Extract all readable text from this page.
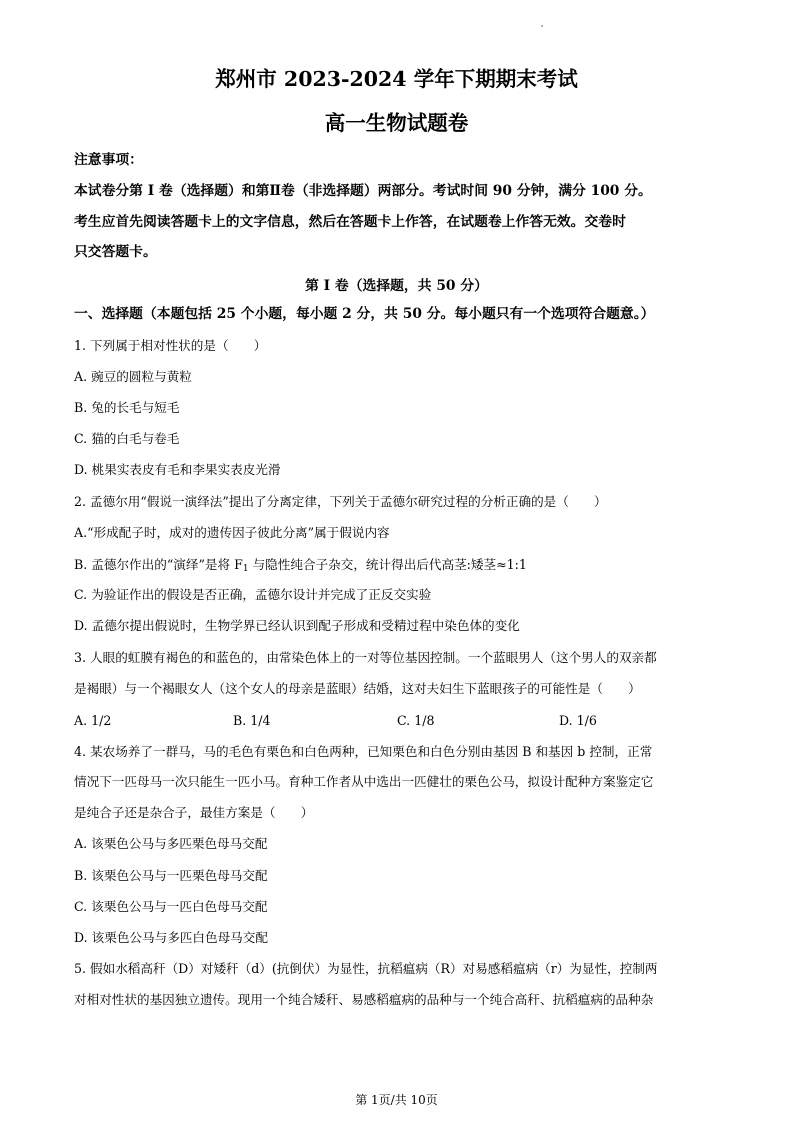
郑州市 2023-2024 学年下期期末考试
高一生物试题卷
注意事项：
本试卷分第 I 卷（选择题）和第Ⅱ卷（非选择题）两部分。考试时间 90 分钟，满分 100 分。
考生应首先阅读答题卡上的文字信息，然后在答题卡上作答，在试题卷上作答无效。交卷时
只交答题卡。
第 I 卷（选择题，共 50 分）
一、选择题（本题包括 25 个小题，每小题 2 分，共 50 分。每小题只有一个选项符合题意。）
1. 下列属于相对性状的是（　　）
A. 豌豆的圆粒与黄粒
B. 兔的长毛与短毛
C. 猫的白毛与卷毛
D. 桃果实表皮有毛和李果实表皮光滑
2. 孟德尔用“假说一演绎法”提出了分离定律，下列关于孟德尔研究过程的分析正确的是（　　）
A.“形成配子时，成对的遗传因子彼此分离”属于假说内容
B. 孟德尔作出的“演绎”是将 $F_1$ 与隐性纯合子杂交，统计得出后代高茎:矮茎≈1:1
C. 为验证作出的假设是否正确，孟德尔设计并完成了正反交实验
D. 孟德尔提出假说时，生物学界已经认识到配子形成和受精过程中染色体的变化
3. 人眼的虹膜有褐色的和蓝色的，由常染色体上的一对等位基因控制。一个蓝眼男人（这个男人的双亲都
是褐眼）与一个褐眼女人（这个女人的母亲是蓝眼）结婚，这对夫妇生下蓝眼孩子的可能性是（　　）
A. 1/2	B. 1/4	C. 1/8	D. 1/6
4. 某农场养了一群马，马的毛色有栗色和白色两种，已知栗色和白色分别由基因 B 和基因 b 控制，正常
情况下一匹母马一次只能生一匹小马。育种工作者从中选出一匹健壮的栗色公马，拟设计配种方案鉴定它
是纯合子还是杂合子，最佳方案是（　　）
A. 该栗色公马与多匹栗色母马交配
B. 该栗色公马与一匹栗色母马交配
C. 该栗色公马与一匹白色母马交配
D. 该栗色公马与多匹白色母马交配
5. 假如水稻高秆（D）对矮秆（d）(抗倒伏）为显性，抗稻瘟病（R）对易感稻瘟病（r）为显性，控制两
对相对性状的基因独立遗传。现用一个纯合矮秆、易感稻瘟病的品种与一个纯合高秆、抗稻瘟病的品种杂
第 1页/共 10页
